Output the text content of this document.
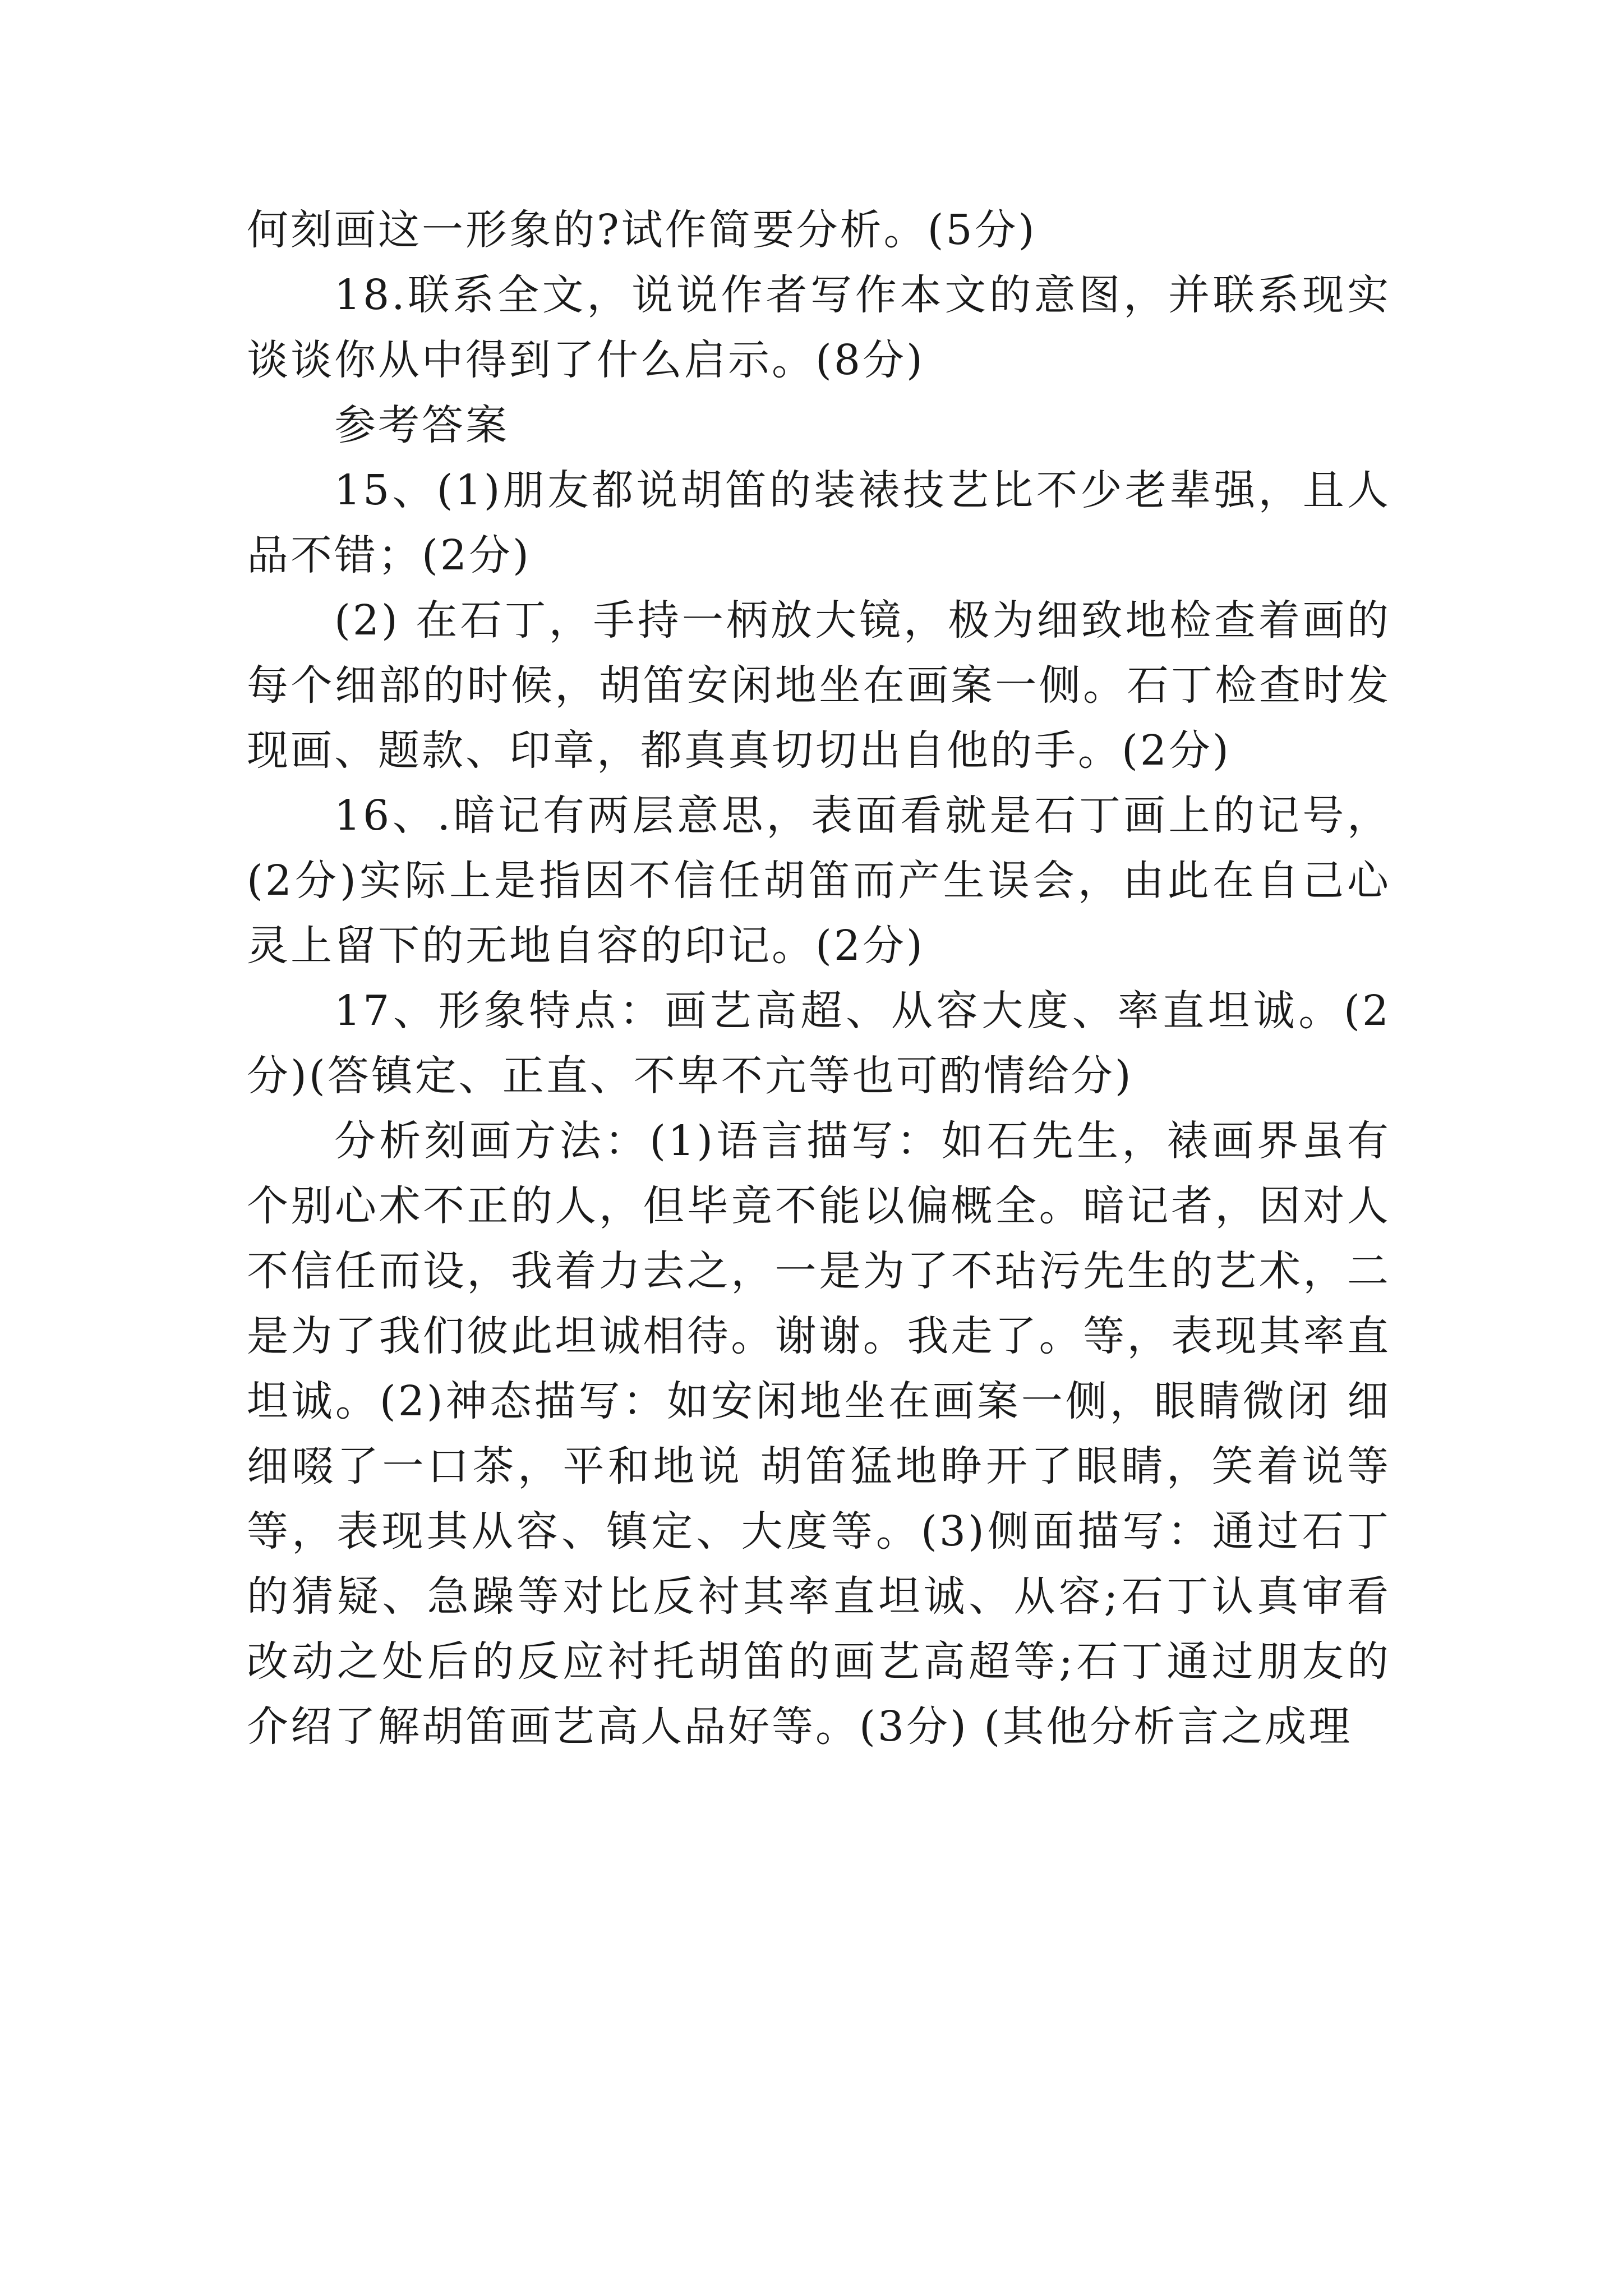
何刻画这一形象的?试作简要分析。(5分)

18.联系全文，说说作者写作本文的意图，并联系现实谈谈你从中得到了什么启示。(8分)

参考答案

15、(1)朋友都说胡笛的装裱技艺比不少老辈强，且人品不错；(2分)

(2) 在石丁，手持一柄放大镜，极为细致地检查着画的每个细部的时候，胡笛安闲地坐在画案一侧。石丁检查时发现画、题款、印章，都真真切切出自他的手。(2分)

16、.暗记有两层意思，表面看就是石丁画上的记号，(2分)实际上是指因不信任胡笛而产生误会，由此在自己心灵上留下的无地自容的印记。(2分)

17、形象特点：画艺高超、从容大度、率直坦诚。(2分)(答镇定、正直、不卑不亢等也可酌情给分)

分析刻画方法：(1)语言描写：如石先生，裱画界虽有个别心术不正的人，但毕竟不能以偏概全。暗记者，因对人不信任而设，我着力去之，一是为了不玷污先生的艺术，二是为了我们彼此坦诚相待。谢谢。我走了。等，表现其率直坦诚。(2)神态描写：如安闲地坐在画案一侧，眼睛微闭 细细啜了一口茶，平和地说 胡笛猛地睁开了眼睛，笑着说等等，表现其从容、镇定、大度等。(3)侧面描写：通过石丁的猜疑、急躁等对比反衬其率直坦诚、从容;石丁认真审看改动之处后的反应衬托胡笛的画艺高超等;石丁通过朋友的介绍了解胡笛画艺高人品好等。(3分) (其他分析言之成理
